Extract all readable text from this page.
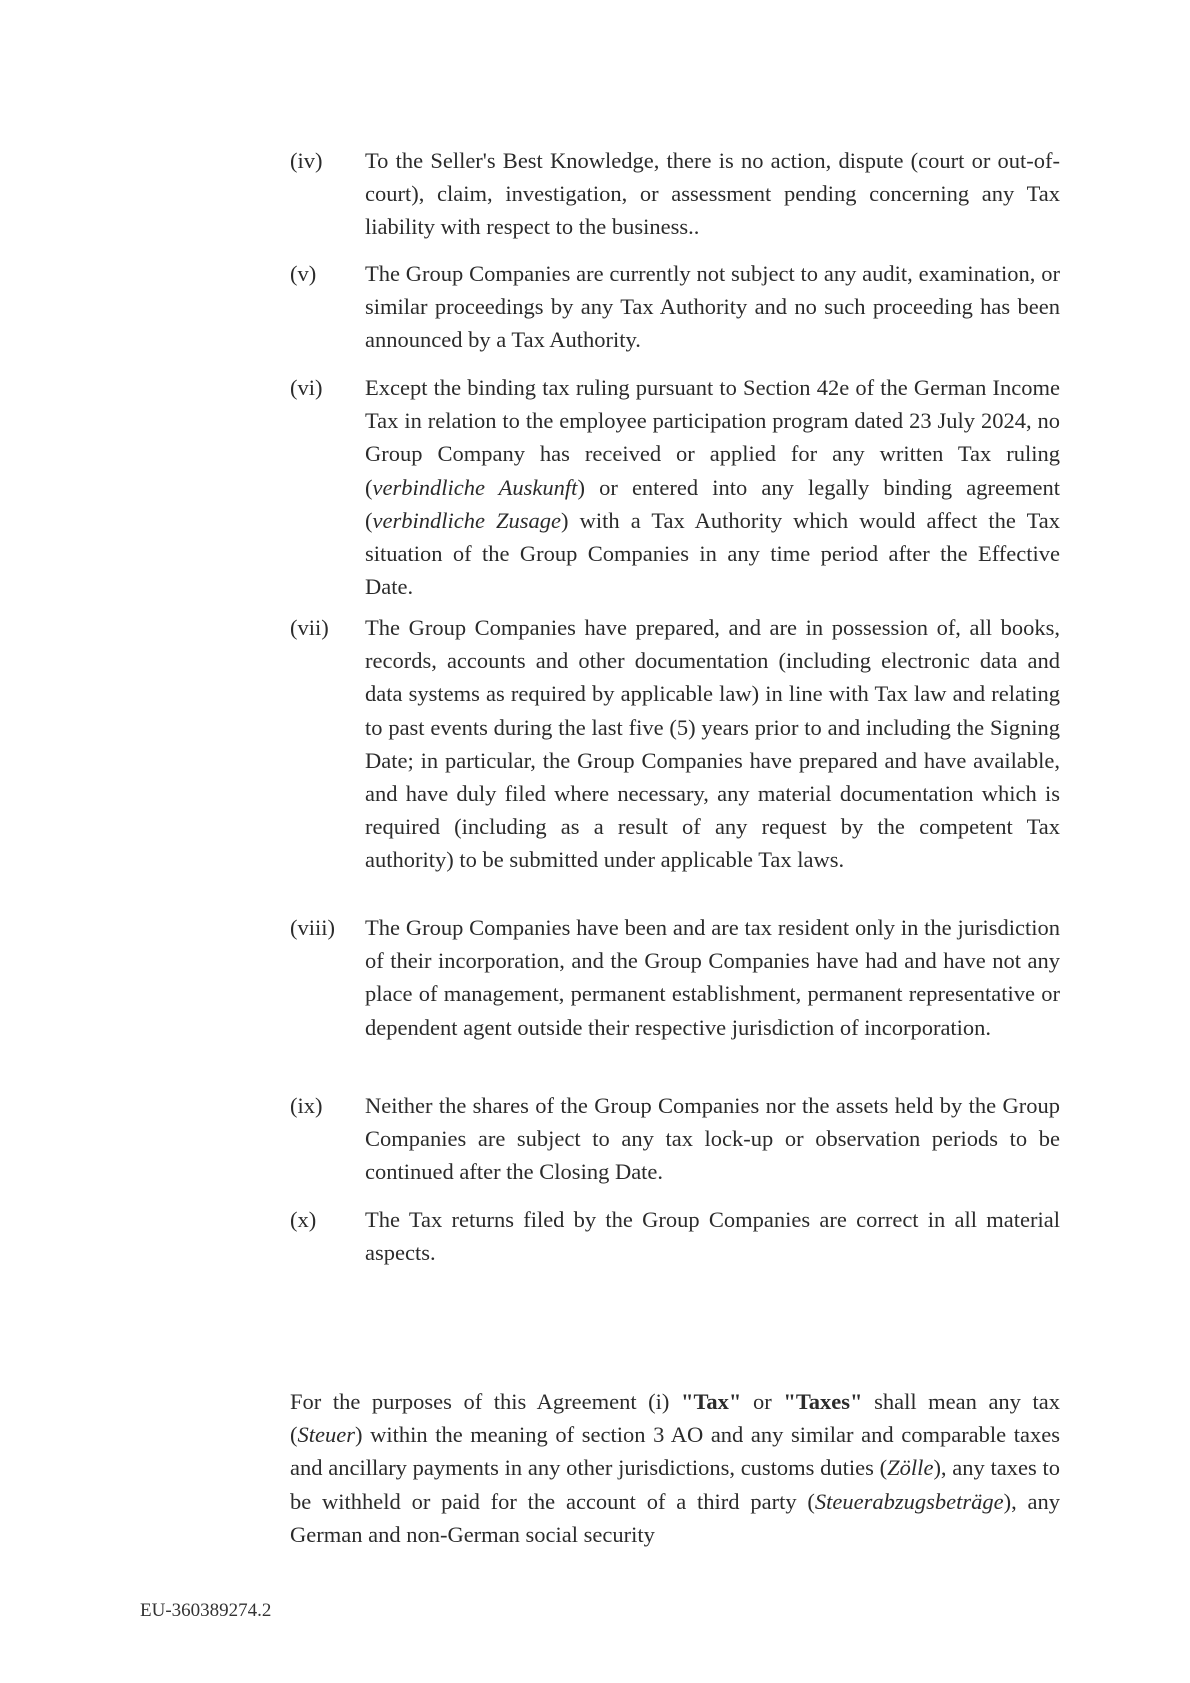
(iv)	To the Seller's Best Knowledge, there is no action, dispute (court or out-of-court), claim, investigation, or assessment pending concerning any Tax liability with respect to the business..
(v)	The Group Companies are currently not subject to any audit, examination, or similar proceedings by any Tax Authority and no such proceeding has been announced by a Tax Authority.
(vi)	Except the binding tax ruling pursuant to Section 42e of the German Income Tax in relation to the employee participation program dated 23 July 2024, no Group Company has received or applied for any written Tax ruling (verbindliche Auskunft) or entered into any legally binding agreement (verbindliche Zusage) with a Tax Authority which would affect the Tax situation of the Group Companies in any time period after the Effective Date.
(vii)	The Group Companies have prepared, and are in possession of, all books, records, accounts and other documentation (including electronic data and data systems as required by applicable law) in line with Tax law and relating to past events during the last five (5) years prior to and including the Signing Date; in particular, the Group Companies have prepared and have available, and have duly filed where necessary, any material documentation which is required (including as a result of any request by the competent Tax authority) to be submitted under applicable Tax laws.
(viii)	The Group Companies have been and are tax resident only in the jurisdiction of their incorporation, and the Group Companies have had and have not any place of management, permanent establishment, permanent representative or dependent agent outside their respective jurisdiction of incorporation.
(ix)	Neither the shares of the Group Companies nor the assets held by the Group Companies are subject to any tax lock-up or observation periods to be continued after the Closing Date.
(x)	The Tax returns filed by the Group Companies are correct in all material aspects.
For the purposes of this Agreement (i) "Tax" or "Taxes" shall mean any tax (Steuer) within the meaning of section 3 AO and any similar and comparable taxes and ancillary payments in any other jurisdictions, customs duties (Zölle), any taxes to be withheld or paid for the account of a third party (Steuerabzugsbeträge), any German and non-German social security
EU-360389274.2
